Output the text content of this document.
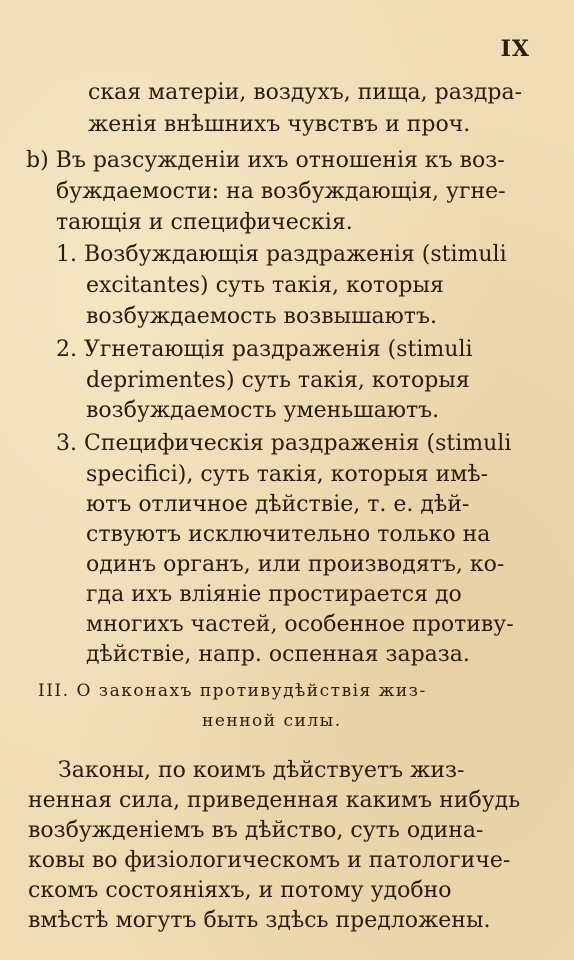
IX
ская матеріи, воздухъ, пища, раздра-
женія внѣшнихъ чувствъ и проч.
b) Въ разсужденіи ихъ отношенія къ воз-
буждаемости: на возбуждающія, угне-
тающія и специфическія.
1. Возбуждающія раздраженія (stimuli
excitantes) суть такія, которыя
возбуждаемость возвышаютъ.
2. Угнетающія раздраженія (stimuli
deprimentes) суть такія, которыя
возбуждаемость уменьшаютъ.
3. Специфическія раздраженія (stimuli
specifici), суть такія, которыя имѣ-
ютъ отличное дѣйствіе, т. е. дѣй-
ствуютъ исключительно только на
одинъ органъ, или производятъ, ко-
гда ихъ вліяніе простирается до
многихъ частей, особенное противу-
дѣйствіе, напр. оспенная зараза.
III. О законахъ противудѣйствія жиз-
ненной силы.
Законы, по коимъ дѣйствуетъ жиз-
ненная сила, приведенная какимъ нибудь
возбужденіемъ въ дѣйство, суть одина-
ковы во физіологическомъ и патологиче-
скомъ состояніяхъ, и потому удобно
вмѣстѣ могутъ быть здѣсь предложены.
